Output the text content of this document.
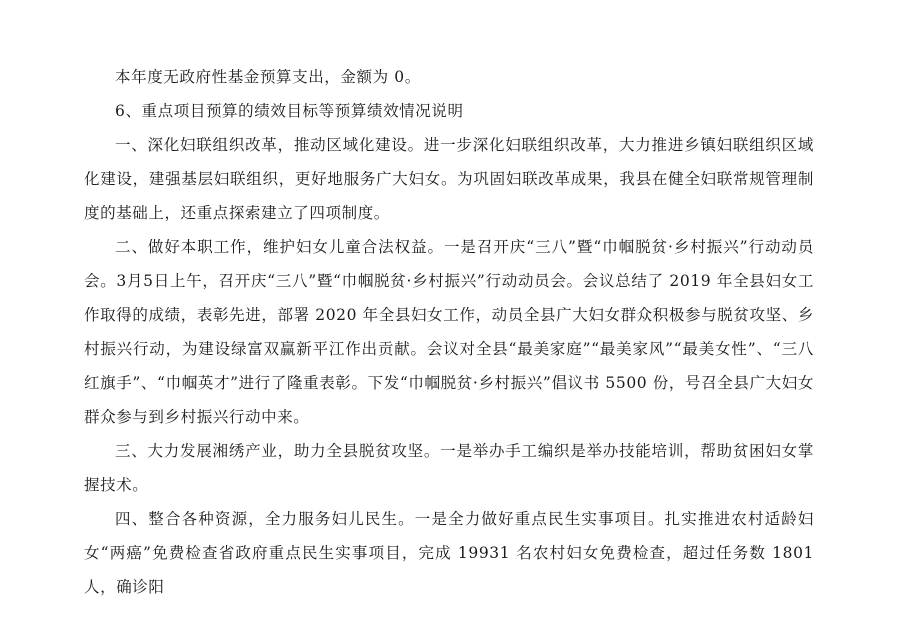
本年度无政府性基金预算支出，金额为 0。

6、重点项目预算的绩效目标等预算绩效情况说明

一、深化妇联组织改革，推动区域化建设。进一步深化妇联组织改革，大力推进乡镇妇联组织区域化建设，建强基层妇联组织，更好地服务广大妇女。为巩固妇联改革成果，我县在健全妇联常规管理制度的基础上，还重点探索建立了四项制度。

二、做好本职工作，维护妇女儿童合法权益。一是召开庆“三八”暨“巾帼脱贫·乡村振兴”行动动员会。3月5日上午，召开庆“三八”暨“巾帼脱贫·乡村振兴”行动动员会。会议总结了 2019 年全县妇女工作取得的成绩，表彰先进，部署 2020 年全县妇女工作，动员全县广大妇女群众积极参与脱贫攻坚、乡村振兴行动，为建设绿富双赢新平江作出贡献。会议对全县“最美家庭”“最美家风”“最美女性”、“三八红旗手”、“巾帼英才”进行了隆重表彰。下发“巾帼脱贫·乡村振兴”倡议书 5500 份，号召全县广大妇女群众参与到乡村振兴行动中来。

三、大力发展湘绣产业，助力全县脱贫攻坚。一是举办手工编织是举办技能培训，帮助贫困妇女掌握技术。

四、整合各种资源，全力服务妇儿民生。一是全力做好重点民生实事项目。扎实推进农村适龄妇女“两癌”免费检查省政府重点民生实事项目，完成 19931 名农村妇女免费检查，超过任务数 1801 人，确诊阳
